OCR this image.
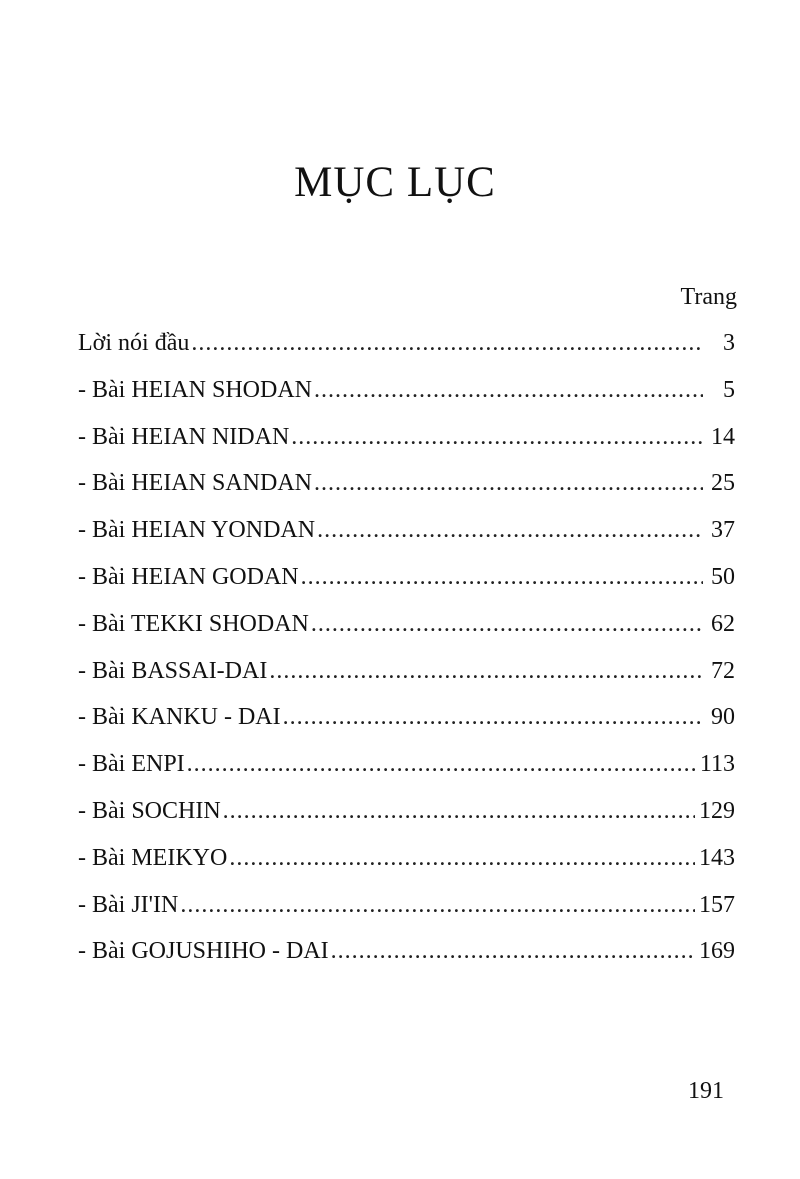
MỤC LỤC
Trang
Lời nói đầu .....	3
- Bài HEIAN SHODAN .....	5
- Bài HEIAN NIDAN .....	14
- Bài HEIAN SANDAN .....	25
- Bài HEIAN YONDAN .....	37
- Bài HEIAN GODAN .....	50
- Bài TEKKI SHODAN .....	62
- Bài BASSAI-DAI .....	72
- Bài KANKU - DAI .....	90
- Bài ENPI .....	113
- Bài SOCHIN .....	129
- Bài MEIKYO .....	143
- Bài JI'IN .....	157
- Bài GOJUSHIHO - DAI .....	169
191
